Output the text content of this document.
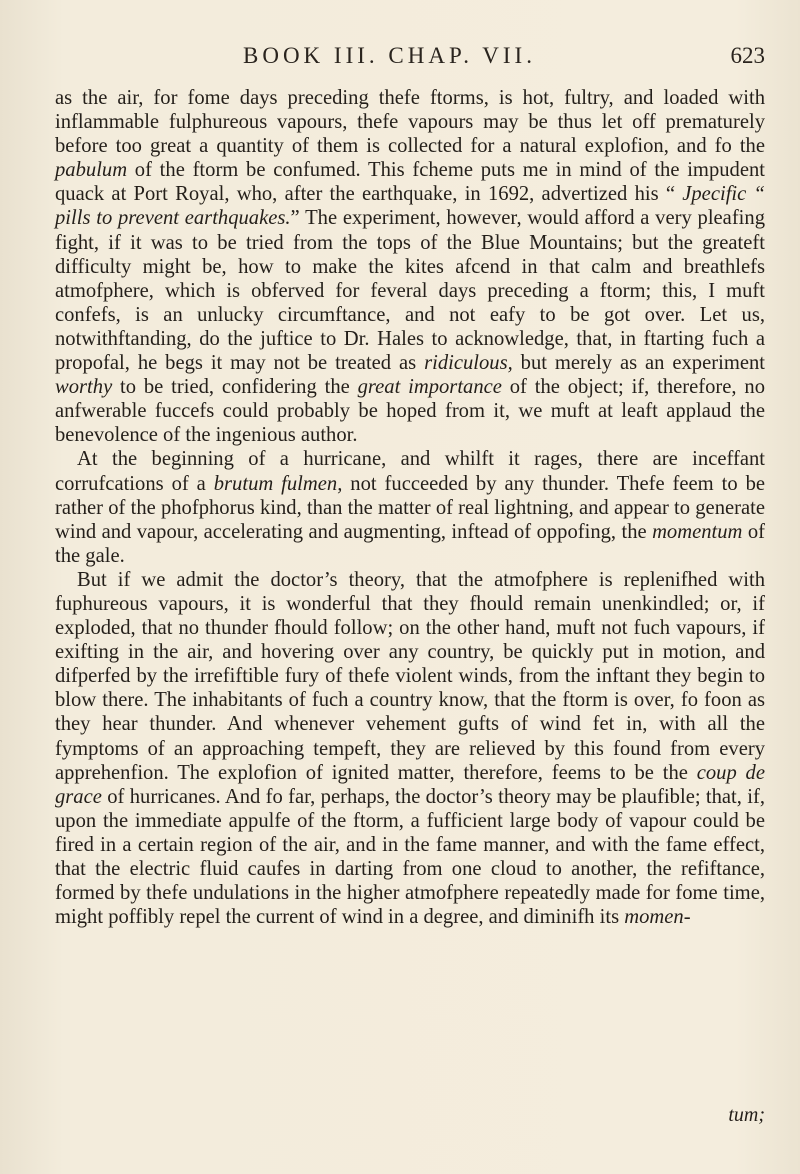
BOOK III. CHAP. VII.	623

as the air, for fome days preceding thefe ftorms, is hot, fultry, and loaded with inflammable fulphureous vapours, thefe vapours may be thus let off prematurely before too great a quantity of them is collected for a natural explofion, and fo the pabulum of the ftorm be confumed. This fcheme puts me in mind of the impudent quack at Port Royal, who, after the earthquake, in 1692, advertized his “ Jpecific “ pills to prevent earthquakes.” The experiment, however, would afford a very pleafing fight, if it was to be tried from the tops of the Blue Mountains; but the greateft difficulty might be, how to make the kites afcend in that calm and breathlefs atmofphere, which is obferved for feveral days preceding a ftorm; this, I muft confefs, is an unlucky circumftance, and not eafy to be got over. Let us, notwithftanding, do the juftice to Dr. Hales to acknowledge, that, in ftarting fuch a propofal, he begs it may not be treated as ridiculous, but merely as an experiment worthy to be tried, confidering the great importance of the object; if, therefore, no anfwerable fuccefs could probably be hoped from it, we muft at leaft applaud the benevolence of the ingenious author.

At the beginning of a hurricane, and whilft it rages, there are inceffant corrufcations of a brutum fulmen, not fucceeded by any thunder. Thefe feem to be rather of the phofphorus kind, than the matter of real lightning, and appear to generate wind and vapour, accelerating and augmenting, inftead of oppofing, the momentum of the gale.

But if we admit the doctor’s theory, that the atmofphere is replenifhed with fuphureous vapours, it is wonderful that they fhould remain unenkindled; or, if exploded, that no thunder fhould follow; on the other hand, muft not fuch vapours, if exifting in the air, and hovering over any country, be quickly put in motion, and difperfed by the irrefiftible fury of thefe violent winds, from the inftant they begin to blow there. The inhabitants of fuch a country know, that the ftorm is over, fo foon as they hear thunder. And whenever vehement gufts of wind fet in, with all the fymptoms of an approaching tempeft, they are relieved by this found from every apprehenfion. The explofion of ignited matter, therefore, feems to be the coup de grace of hurricanes. And fo far, perhaps, the doctor’s theory may be plaufible; that, if, upon the immediate appulfe of the ftorm, a fufficient large body of vapour could be fired in a certain region of the air, and in the fame manner, and with the fame effect, that the electric fluid caufes in darting from one cloud to another, the refiftance, formed by thefe undulations in the higher atmofphere repeatedly made for fome time, might poffibly repel the current of wind in a degree, and diminifh its momen-

tum;
